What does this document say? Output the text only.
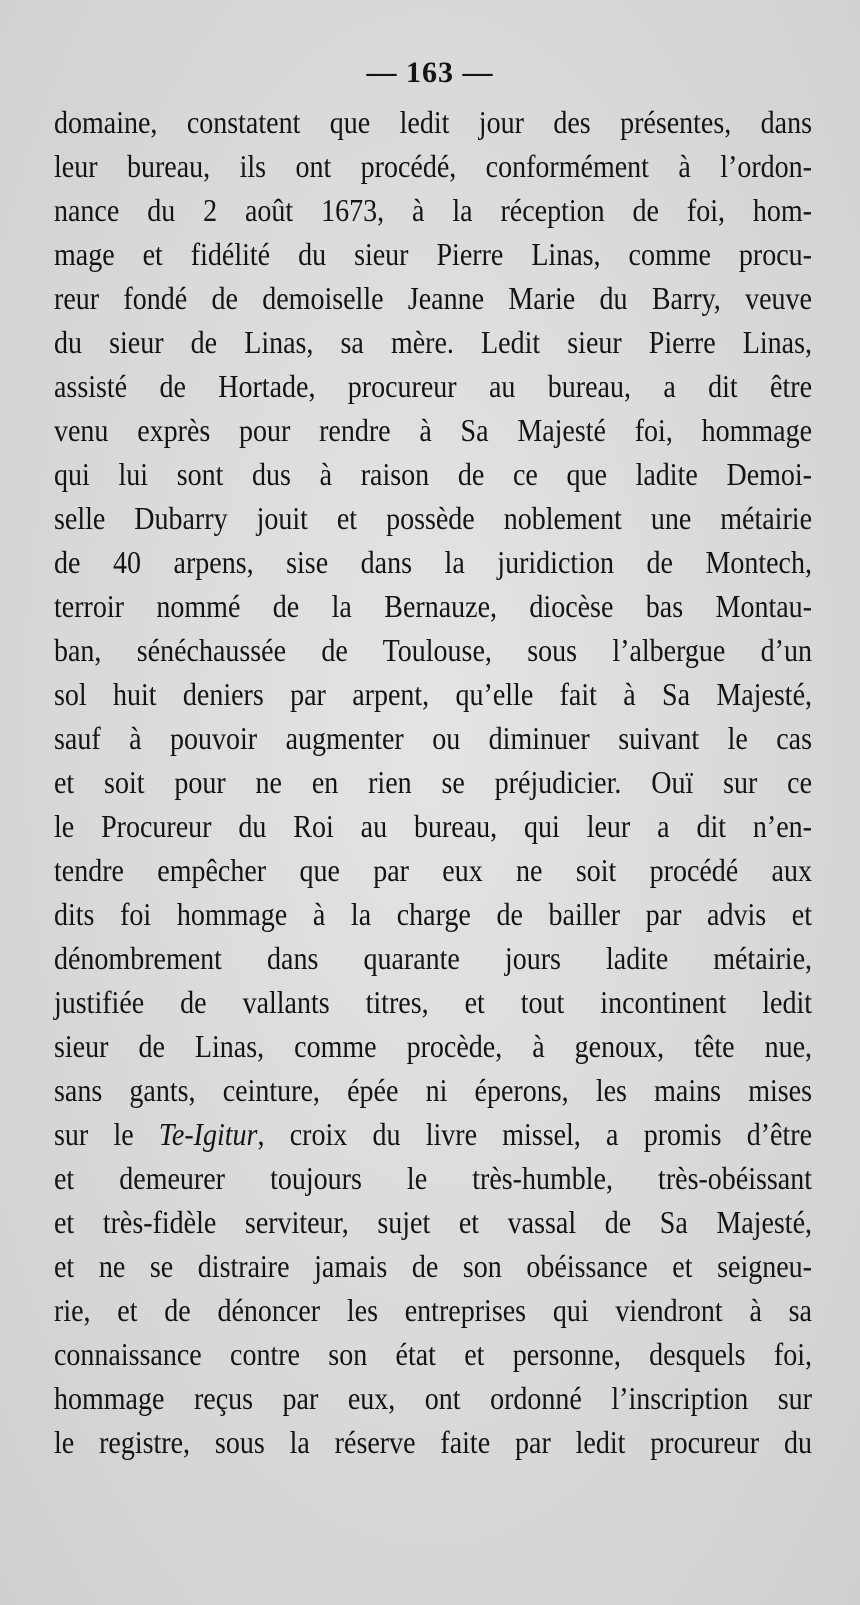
— 163 —
domaine, constatent que ledit jour des présentes, dans
leur bureau, ils ont procédé, conformément à l’ordon-
nance du 2 août 1673, à la réception de foi, hom-
mage et fidélité du sieur Pierre Linas, comme procu-
reur fondé de demoiselle Jeanne Marie du Barry, veuve
du sieur de Linas, sa mère. Ledit sieur Pierre Linas,
assisté de Hortade, procureur au bureau, a dit être
venu exprès pour rendre à Sa Majesté foi, hommage
qui lui sont dus à raison de ce que ladite Demoi-
selle Dubarry jouit et possède noblement une métairie
de 40 arpens, sise dans la juridiction de Montech,
terroir nommé de la Bernauze, diocèse bas Montau-
ban, sénéchaussée de Toulouse, sous l’albergue d’un
sol huit deniers par arpent, qu’elle fait à Sa Majesté,
sauf à pouvoir augmenter ou diminuer suivant le cas
et soit pour ne en rien se préjudicier. Ouï sur ce
le Procureur du Roi au bureau, qui leur a dit n’en-
tendre empêcher que par eux ne soit procédé aux
dits foi hommage à la charge de bailler par advis et
dénombrement dans quarante jours ladite métairie,
justifiée de vallants titres, et tout incontinent ledit
sieur de Linas, comme procède, à genoux, tête nue,
sans gants, ceinture, épée ni éperons, les mains mises
sur le Te-Igitur, croix du livre missel, a promis d’être
et demeurer toujours le très-humble, très-obéissant
et très-fidèle serviteur, sujet et vassal de Sa Majesté,
et ne se distraire jamais de son obéissance et seigneu-
rie, et de dénoncer les entreprises qui viendront à sa
connaissance contre son état et personne, desquels foi,
hommage reçus par eux, ont ordonné l’inscription sur
le registre, sous la réserve faite par ledit procureur du
